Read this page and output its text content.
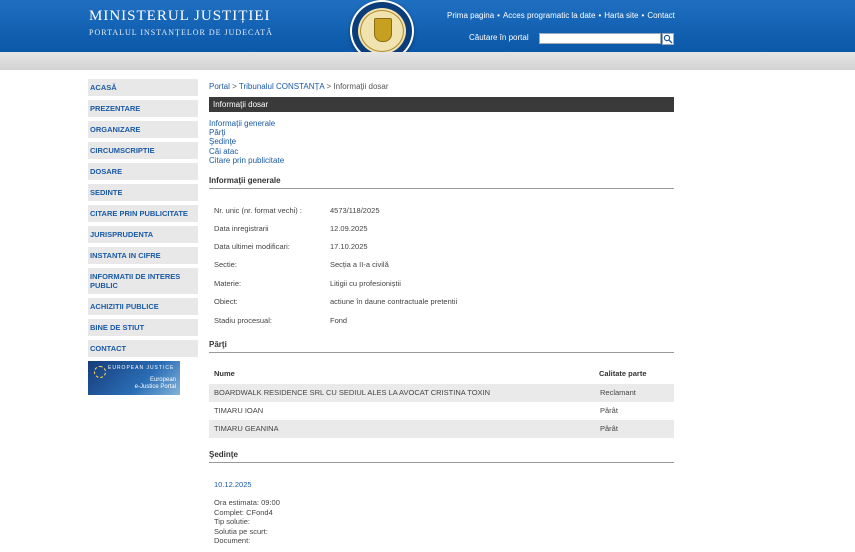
MINISTERUL JUSTIȚIEI
PORTALUL INSTANȚELOR DE JUDECATĂ
Prima pagina • Acces programatic la date • Harta site • Contact
Căutare în portal
ACASĂ
PREZENTARE
ORGANIZARE
CIRCUMSCRIPTIE
DOSARE
SEDINTE
CITARE PRIN PUBLICITATE
JURISPRUDENTA
INSTANTA IN CIFRE
INFORMATII DE INTERES PUBLIC
ACHIZITII PUBLICE
BINE DE STIUT
CONTACT
EUROPEAN JUSTICE
European
e-Justice Portal
Portal > Tribunalul CONSTANȚA > Informaţii dosar
Informaţii dosar
Informaţii generale
Părţi
Şedinţe
Căi atac
Citare prin publicitate
Informaţii generale
Nr. unic (nr. format vechi) :	4573/118/2025
Data inregistrarii	12.09.2025
Data ultimei modificari:	17.10.2025
Sectie:	Secția a II-a civilă
Materie:	Litigii cu profesioniștii
Obiect:	actiune în daune contractuale pretentii
Stadiu procesual:	Fond
Părţi
Nume	Calitate parte
BOARDWALK RESIDENCE SRL CU SEDIUL ALES LA AVOCAT CRISTINA TOXIN	Reclamant
TIMARU IOAN	Pârât
TIMARU GEANINA	Pârât
Şedinţe
10.12.2025
Ora estimata: 09:00
Complet: CFond4
Tip solutie:
Solutia pe scurt:
Document:
